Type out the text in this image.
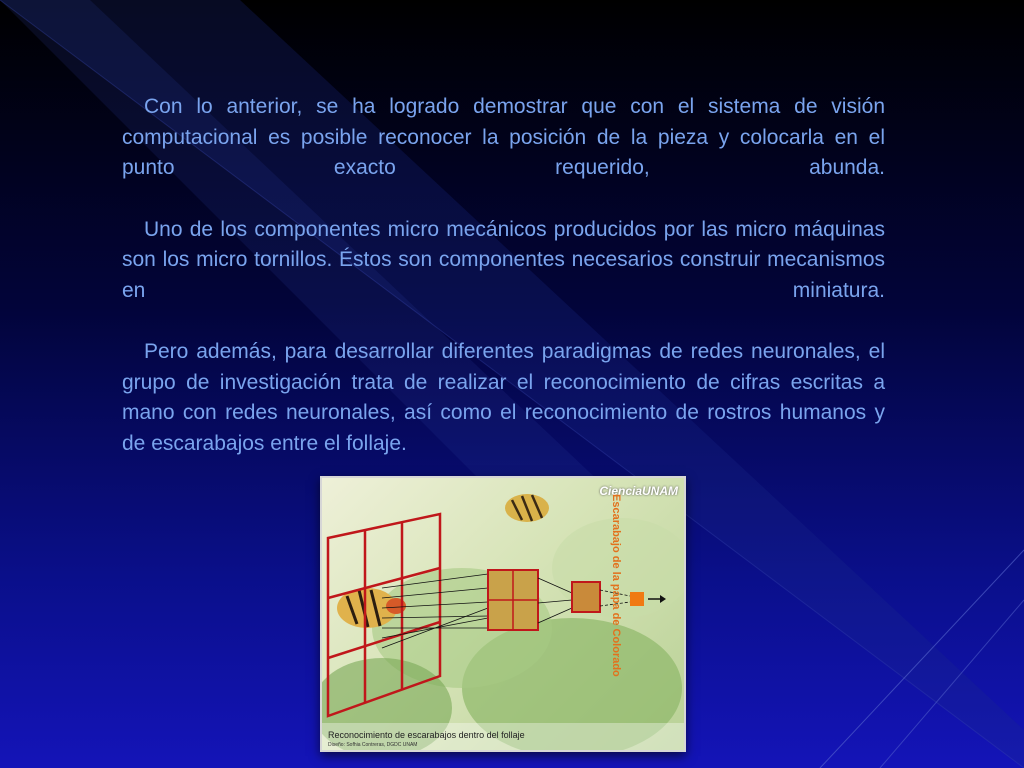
Con lo anterior, se ha logrado demostrar que con el sistema de visión computacional es posible reconocer la posición de la pieza y colocarla en el punto exacto requerido, abunda.

Uno de los componentes micro mecánicos producidos por las micro máquinas son los micro tornillos. Éstos son componentes necesarios construir mecanismos en miniatura.

Pero además, para desarrollar diferentes paradigmas de redes neuronales, el grupo de investigación trata de realizar el reconocimiento de cifras escritas a mano con redes neuronales, así como el reconocimiento de rostros humanos y de escarabajos entre el follaje.

CienciaUNAM
Escarabajo de la papa de Colorado
Reconocimiento de escarabajos dentro del follaje
Diseño: Sofhia Contreras, DGDC UNAM
